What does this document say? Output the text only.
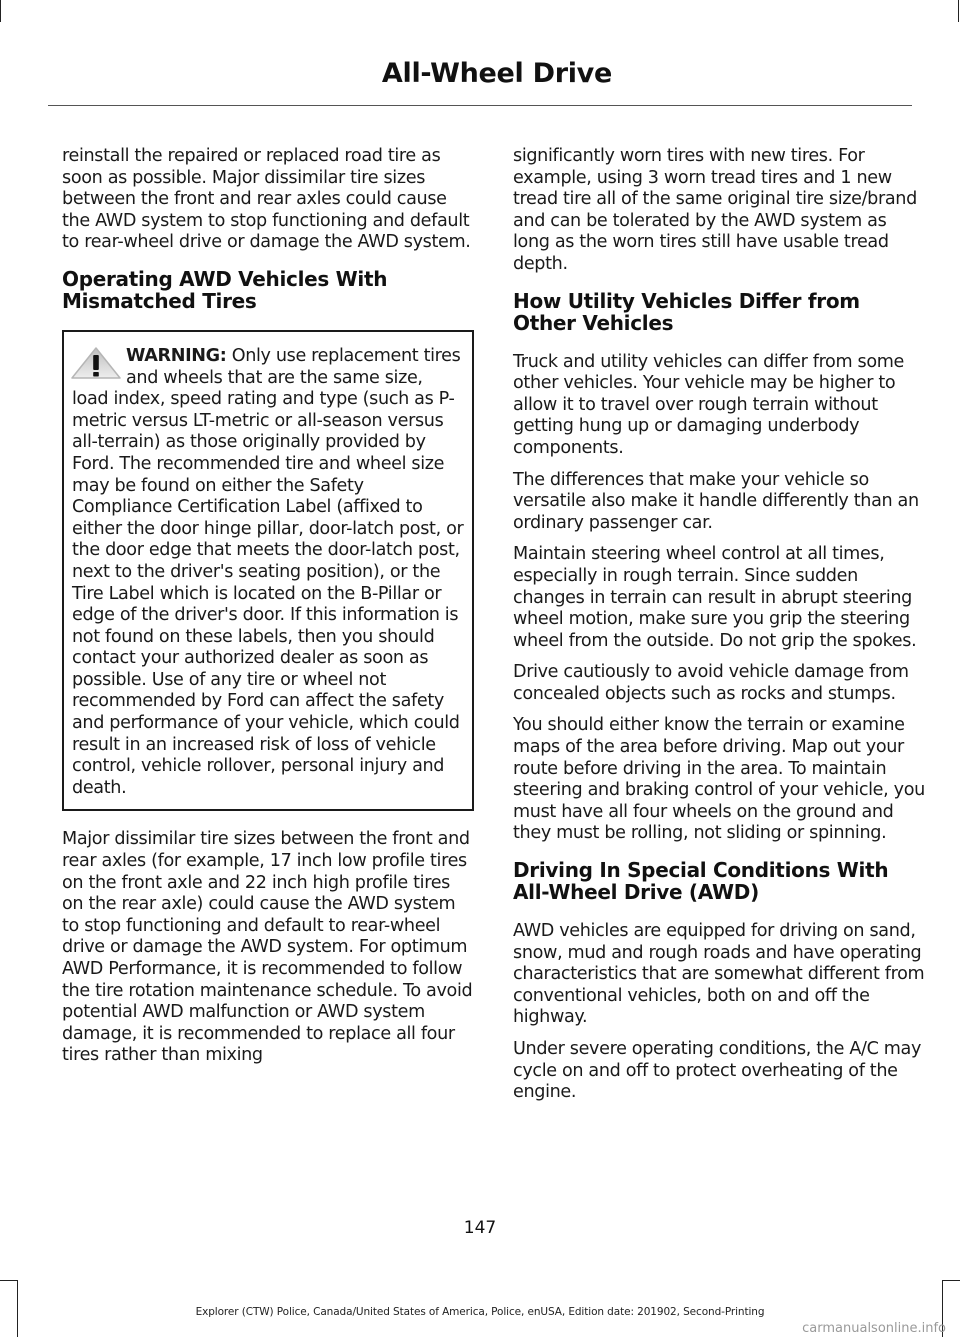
All-Wheel Drive

reinstall the repaired or replaced road tire as soon as possible. Major dissimilar tire sizes between the front and rear axles could cause the AWD system to stop functioning and default to rear-wheel drive or damage the AWD system.

Operating AWD Vehicles With Mismatched Tires
WARNING: Only use replacement tires and wheels that are the same size, load index, speed rating and type (such as P-metric versus LT-metric or all-season versus all-terrain) as those originally provided by Ford. The recommended tire and wheel size may be found on either the Safety Compliance Certification Label (affixed to either the door hinge pillar, door-latch post, or the door edge that meets the door-latch post, next to the driver's seating position), or the Tire Label which is located on the B-Pillar or edge of the driver's door. If this information is not found on these labels, then you should contact your authorized dealer as soon as possible. Use of any tire or wheel not recommended by Ford can affect the safety and performance of your vehicle, which could result in an increased risk of loss of vehicle control, vehicle rollover, personal injury and death.

Major dissimilar tire sizes between the front and rear axles (for example, 17 inch low profile tires on the front axle and 22 inch high profile tires on the rear axle) could cause the AWD system to stop functioning and default to rear-wheel drive or damage the AWD system. For optimum AWD Performance, it is recommended to follow the tire rotation maintenance schedule. To avoid potential AWD malfunction or AWD system damage, it is recommended to replace all four tires rather than mixing

significantly worn tires with new tires. For example, using 3 worn tread tires and 1 new tread tire all of the same original tire size/brand and can be tolerated by the AWD system as long as the worn tires still have usable tread depth.

How Utility Vehicles Differ from Other Vehicles

Truck and utility vehicles can differ from some other vehicles. Your vehicle may be higher to allow it to travel over rough terrain without getting hung up or damaging underbody components.

The differences that make your vehicle so versatile also make it handle differently than an ordinary passenger car.

Maintain steering wheel control at all times, especially in rough terrain. Since sudden changes in terrain can result in abrupt steering wheel motion, make sure you grip the steering wheel from the outside. Do not grip the spokes.

Drive cautiously to avoid vehicle damage from concealed objects such as rocks and stumps.

You should either know the terrain or examine maps of the area before driving. Map out your route before driving in the area. To maintain steering and braking control of your vehicle, you must have all four wheels on the ground and they must be rolling, not sliding or spinning.

Driving In Special Conditions With All-Wheel Drive (AWD)

AWD vehicles are equipped for driving on sand, snow, mud and rough roads and have operating characteristics that are somewhat different from conventional vehicles, both on and off the highway.

Under severe operating conditions, the A/C may cycle on and off to protect overheating of the engine.

147
Explorer (CTW) Police, Canada/United States of America, Police, enUSA, Edition date: 201902, Second-Printing
carmanualsonline.info
